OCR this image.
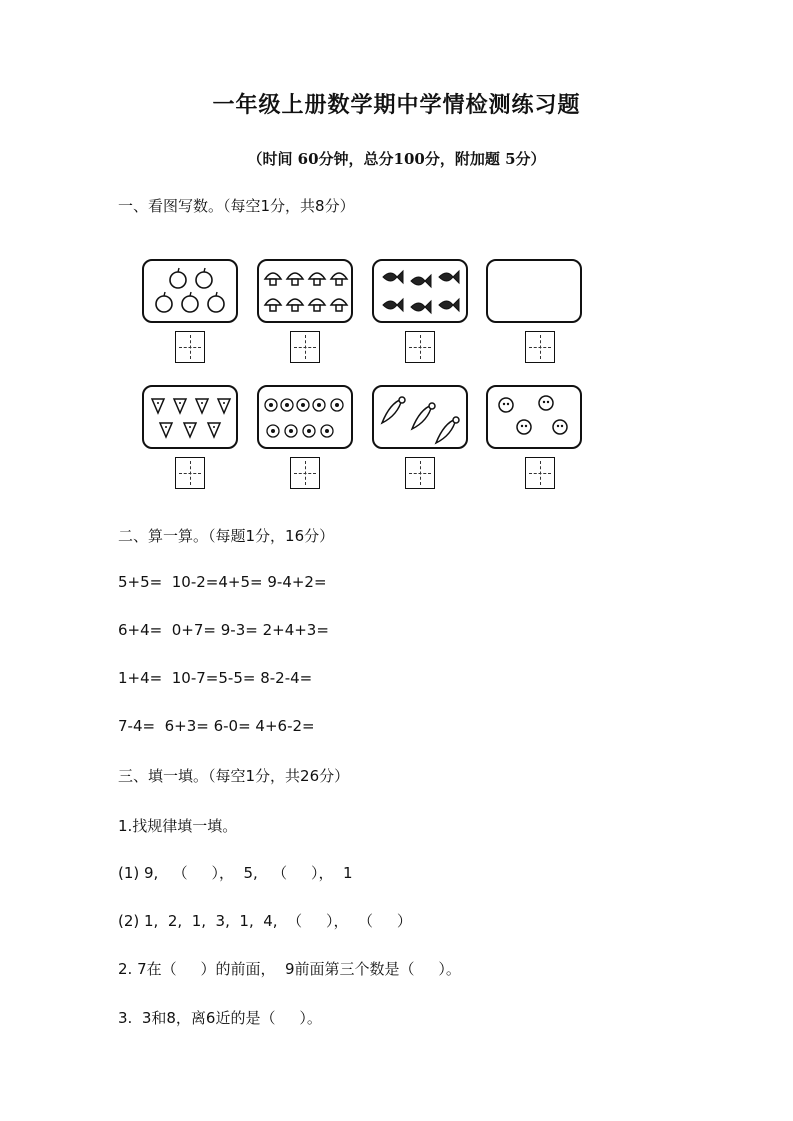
一年级上册数学期中学情检测练习题
（时间 60分钟，总分100分，附加题 5分）
一、看图写数。（每空1分，共8分）
二、算一算。（每题1分，16分）
5+5=  10-2=4+5= 9-4+2=
6+4=  0+7= 9-3= 2+4+3=
1+4=  10-7=5-5= 8-2-4=
7-4=  6+3= 6-0= 4+6-2=
三、填一填。（每空1分，共26分）
1.找规律填一填。
(1) 9,   （     ），  5,   （     ），  1
(2) 1,  2,  1,  3,  1,  4,  （     ），  （     ）
2. 7在（     ）的前面，  9前面第三个数是（     ）。
3.  3和8，离6近的是（     ）。
